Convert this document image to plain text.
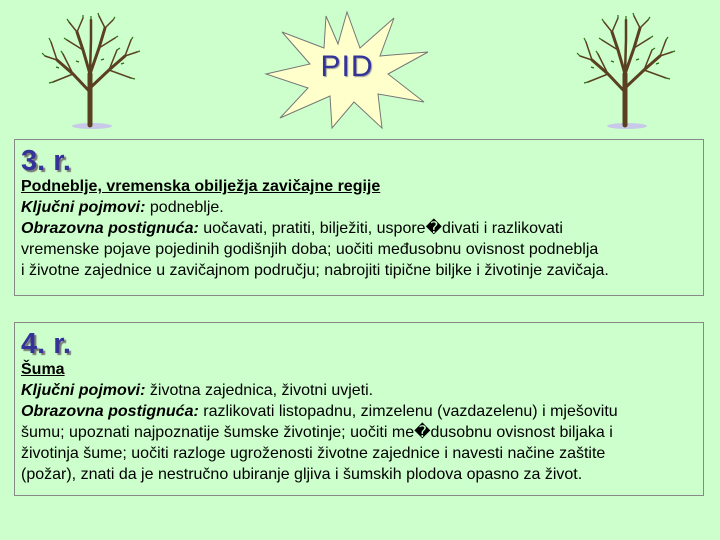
PID
3. r.
Podneblje, vremenska obilježja zavičajne regije
Ključni pojmovi: podneblje.
Obrazovna postignuća: uočavati, pratiti, bilježiti, uspore�divati i razlikovati
vremenske pojave pojedinih godišnjih doba; uočiti međusobnu ovisnost podneblja
i životne zajednice u zavičajnom području; nabrojiti tipične biljke i životinje zavičaja.
4. r.
Šuma
Ključni pojmovi: životna zajednica, životni uvjeti.
Obrazovna postignuća: razlikovati listopadnu, zimzelenu (vazdazelenu) i mješovitu
šumu; upoznati najpoznatije šumske životinje; uočiti me�dusobnu ovisnost biljaka i
životinja šume; uočiti razloge ugroženosti životne zajednice i navesti načine zaštite
(požar), znati da je nestručno ubiranje gljiva i šumskih plodova opasno za život.
